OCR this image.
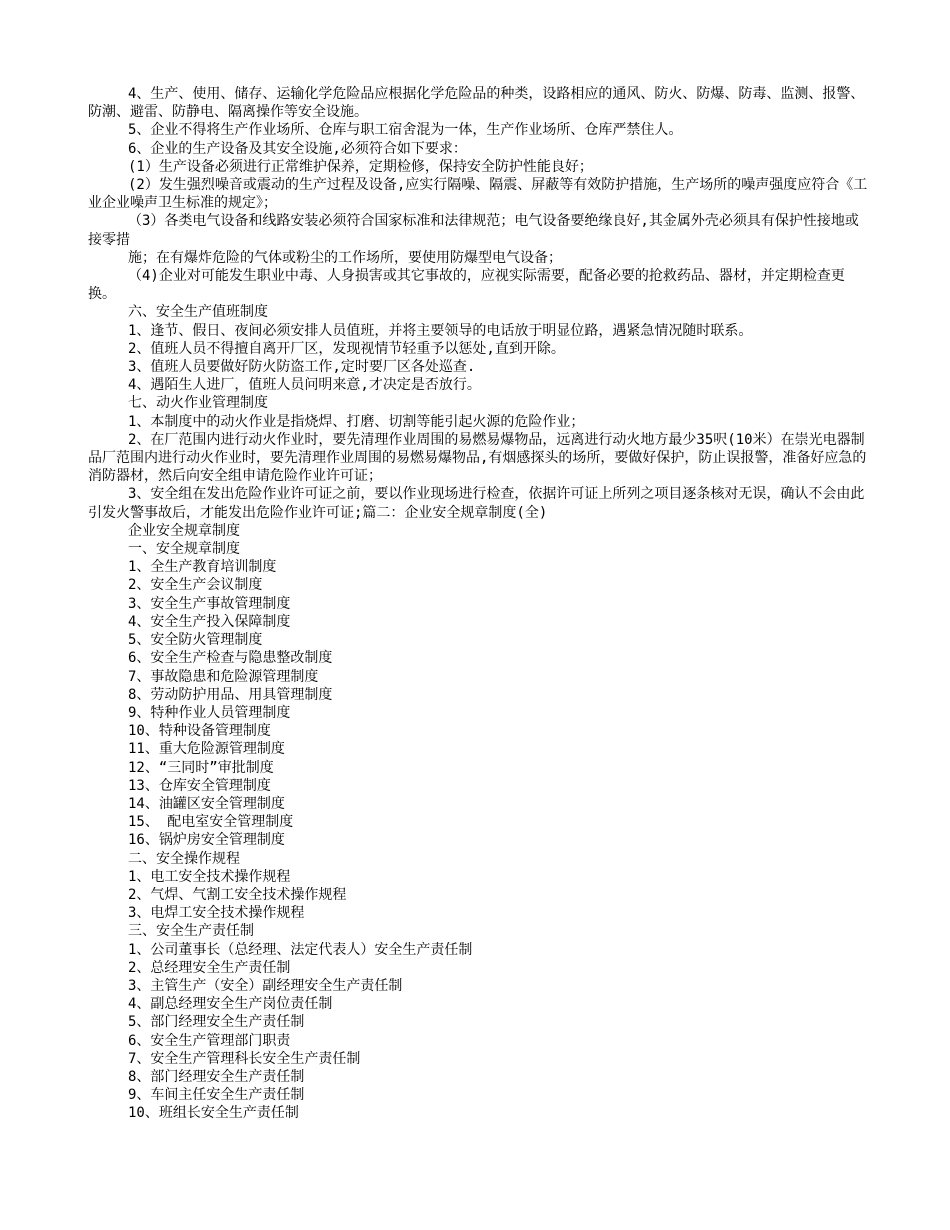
4、生产、使用、储存、运输化学危险品应根据化学危险品的种类，设路相应的通风、防火、防爆、防毒、监测、报警、防潮、避雷、防静电、隔离操作等安全设施。

5、企业不得将生产作业场所、仓库与职工宿舍混为一体，生产作业场所、仓库严禁住人。

6、企业的生产设备及其安全设施,必须符合如下要求：

(1）生产设备必须进行正常维护保养，定期检修，保持安全防护性能良好；

(2）发生强烈噪音或震动的生产过程及设备,应实行隔噪、隔震、屏蔽等有效防护措施，生产场所的噪声强度应符合《工业企业噪声卫生标准的规定》；

（3）各类电气设备和线路安装必须符合国家标准和法律规范；电气设备要绝缘良好,其金属外壳必须具有保护性接地或接零措

施；在有爆炸危险的气体或粉尘的工作场所，要使用防爆型电气设备；

（4)企业对可能发生职业中毒、人身损害或其它事故的，应视实际需要，配备必要的抢救药品、器材，并定期检查更换。

六、安全生产值班制度

1、逢节、假日、夜间必须安排人员值班，并将主要领导的电话放于明显位路，遇紧急情况随时联系。

2、值班人员不得擅自离开厂区，发现视情节轻重予以惩处,直到开除。

3、值班人员要做好防火防盗工作,定时要厂区各处巡查.

4、遇陌生人进厂，值班人员问明来意,才决定是否放行。

七、动火作业管理制度

1、本制度中的动火作业是指烧焊、打磨、切割等能引起火源的危险作业；

2、在厂范围内进行动火作业时，要先清理作业周围的易燃易爆物品，远离进行动火地方最少35呎(10米）在崇光电器制品厂范围内进行动火作业时，要先清理作业周围的易燃易爆物品,有烟感探头的场所，要做好保护，防止误报警，准备好应急的消防器材，然后向安全组申请危险作业许可证；

3、安全组在发出危险作业许可证之前，要以作业现场进行检查，依据许可证上所列之项目逐条核对无误，确认不会由此引发火警事故后，才能发出危险作业许可证;篇二：企业安全规章制度(全)

企业安全规章制度

一、安全规章制度

1、全生产教育培训制度

2、安全生产会议制度

3、安全生产事故管理制度

4、安全生产投入保障制度

5、安全防火管理制度

6、安全生产检查与隐患整改制度

7、事故隐患和危险源管理制度

8、劳动防护用品、用具管理制度

9、特种作业人员管理制度

10、特种设备管理制度

11、重大危险源管理制度

12、“三同时”审批制度

13、仓库安全管理制度

14、油罐区安全管理制度

15、 配电室安全管理制度

16、锅炉房安全管理制度

二、安全操作规程

1、电工安全技术操作规程

2、气焊、气割工安全技术操作规程

3、电焊工安全技术操作规程

三、安全生产责任制

1、公司董事长（总经理、法定代表人）安全生产责任制

2、总经理安全生产责任制

3、主管生产（安全）副经理安全生产责任制

4、副总经理安全生产岗位责任制

5、部门经理安全生产责任制

6、安全生产管理部门职责

7、安全生产管理科长安全生产责任制

8、部门经理安全生产责任制

9、车间主任安全生产责任制

10、班组长安全生产责任制
